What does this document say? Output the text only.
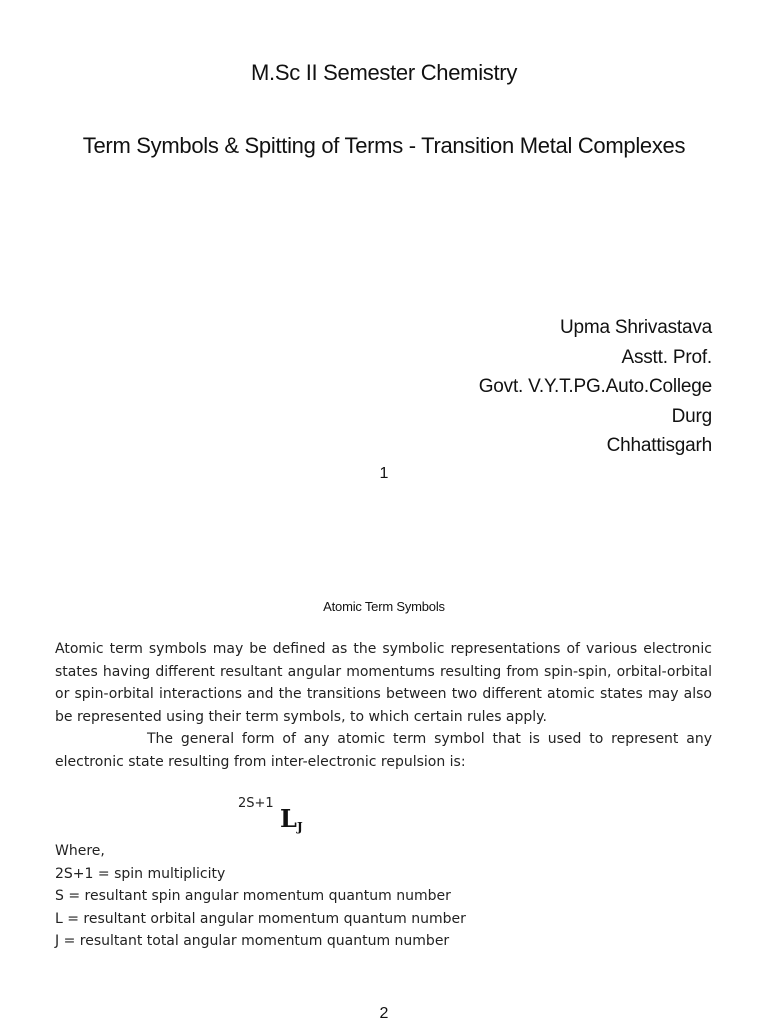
M.Sc II Semester Chemistry
Term Symbols & Spitting of Terms - Transition Metal Complexes
Upma Shrivastava
Asstt. Prof.
Govt. V.Y.T.PG.Auto.College
Durg
Chhattisgarh
1
Atomic Term Symbols
Atomic term symbols may be defined as the symbolic representations of various electronic states having different resultant angular momentums resulting from spin-spin, orbital-orbital or spin-orbital interactions and the transitions between two different atomic states may also be represented using their term symbols, to which certain rules apply.
The general form of any atomic term symbol that is used to represent any electronic state resulting from inter-electronic repulsion is:
2S+1
L J
Where,
2S+1 = spin multiplicity
S = resultant spin angular momentum quantum number
L = resultant orbital angular momentum quantum number
J = resultant total angular momentum quantum number
2
